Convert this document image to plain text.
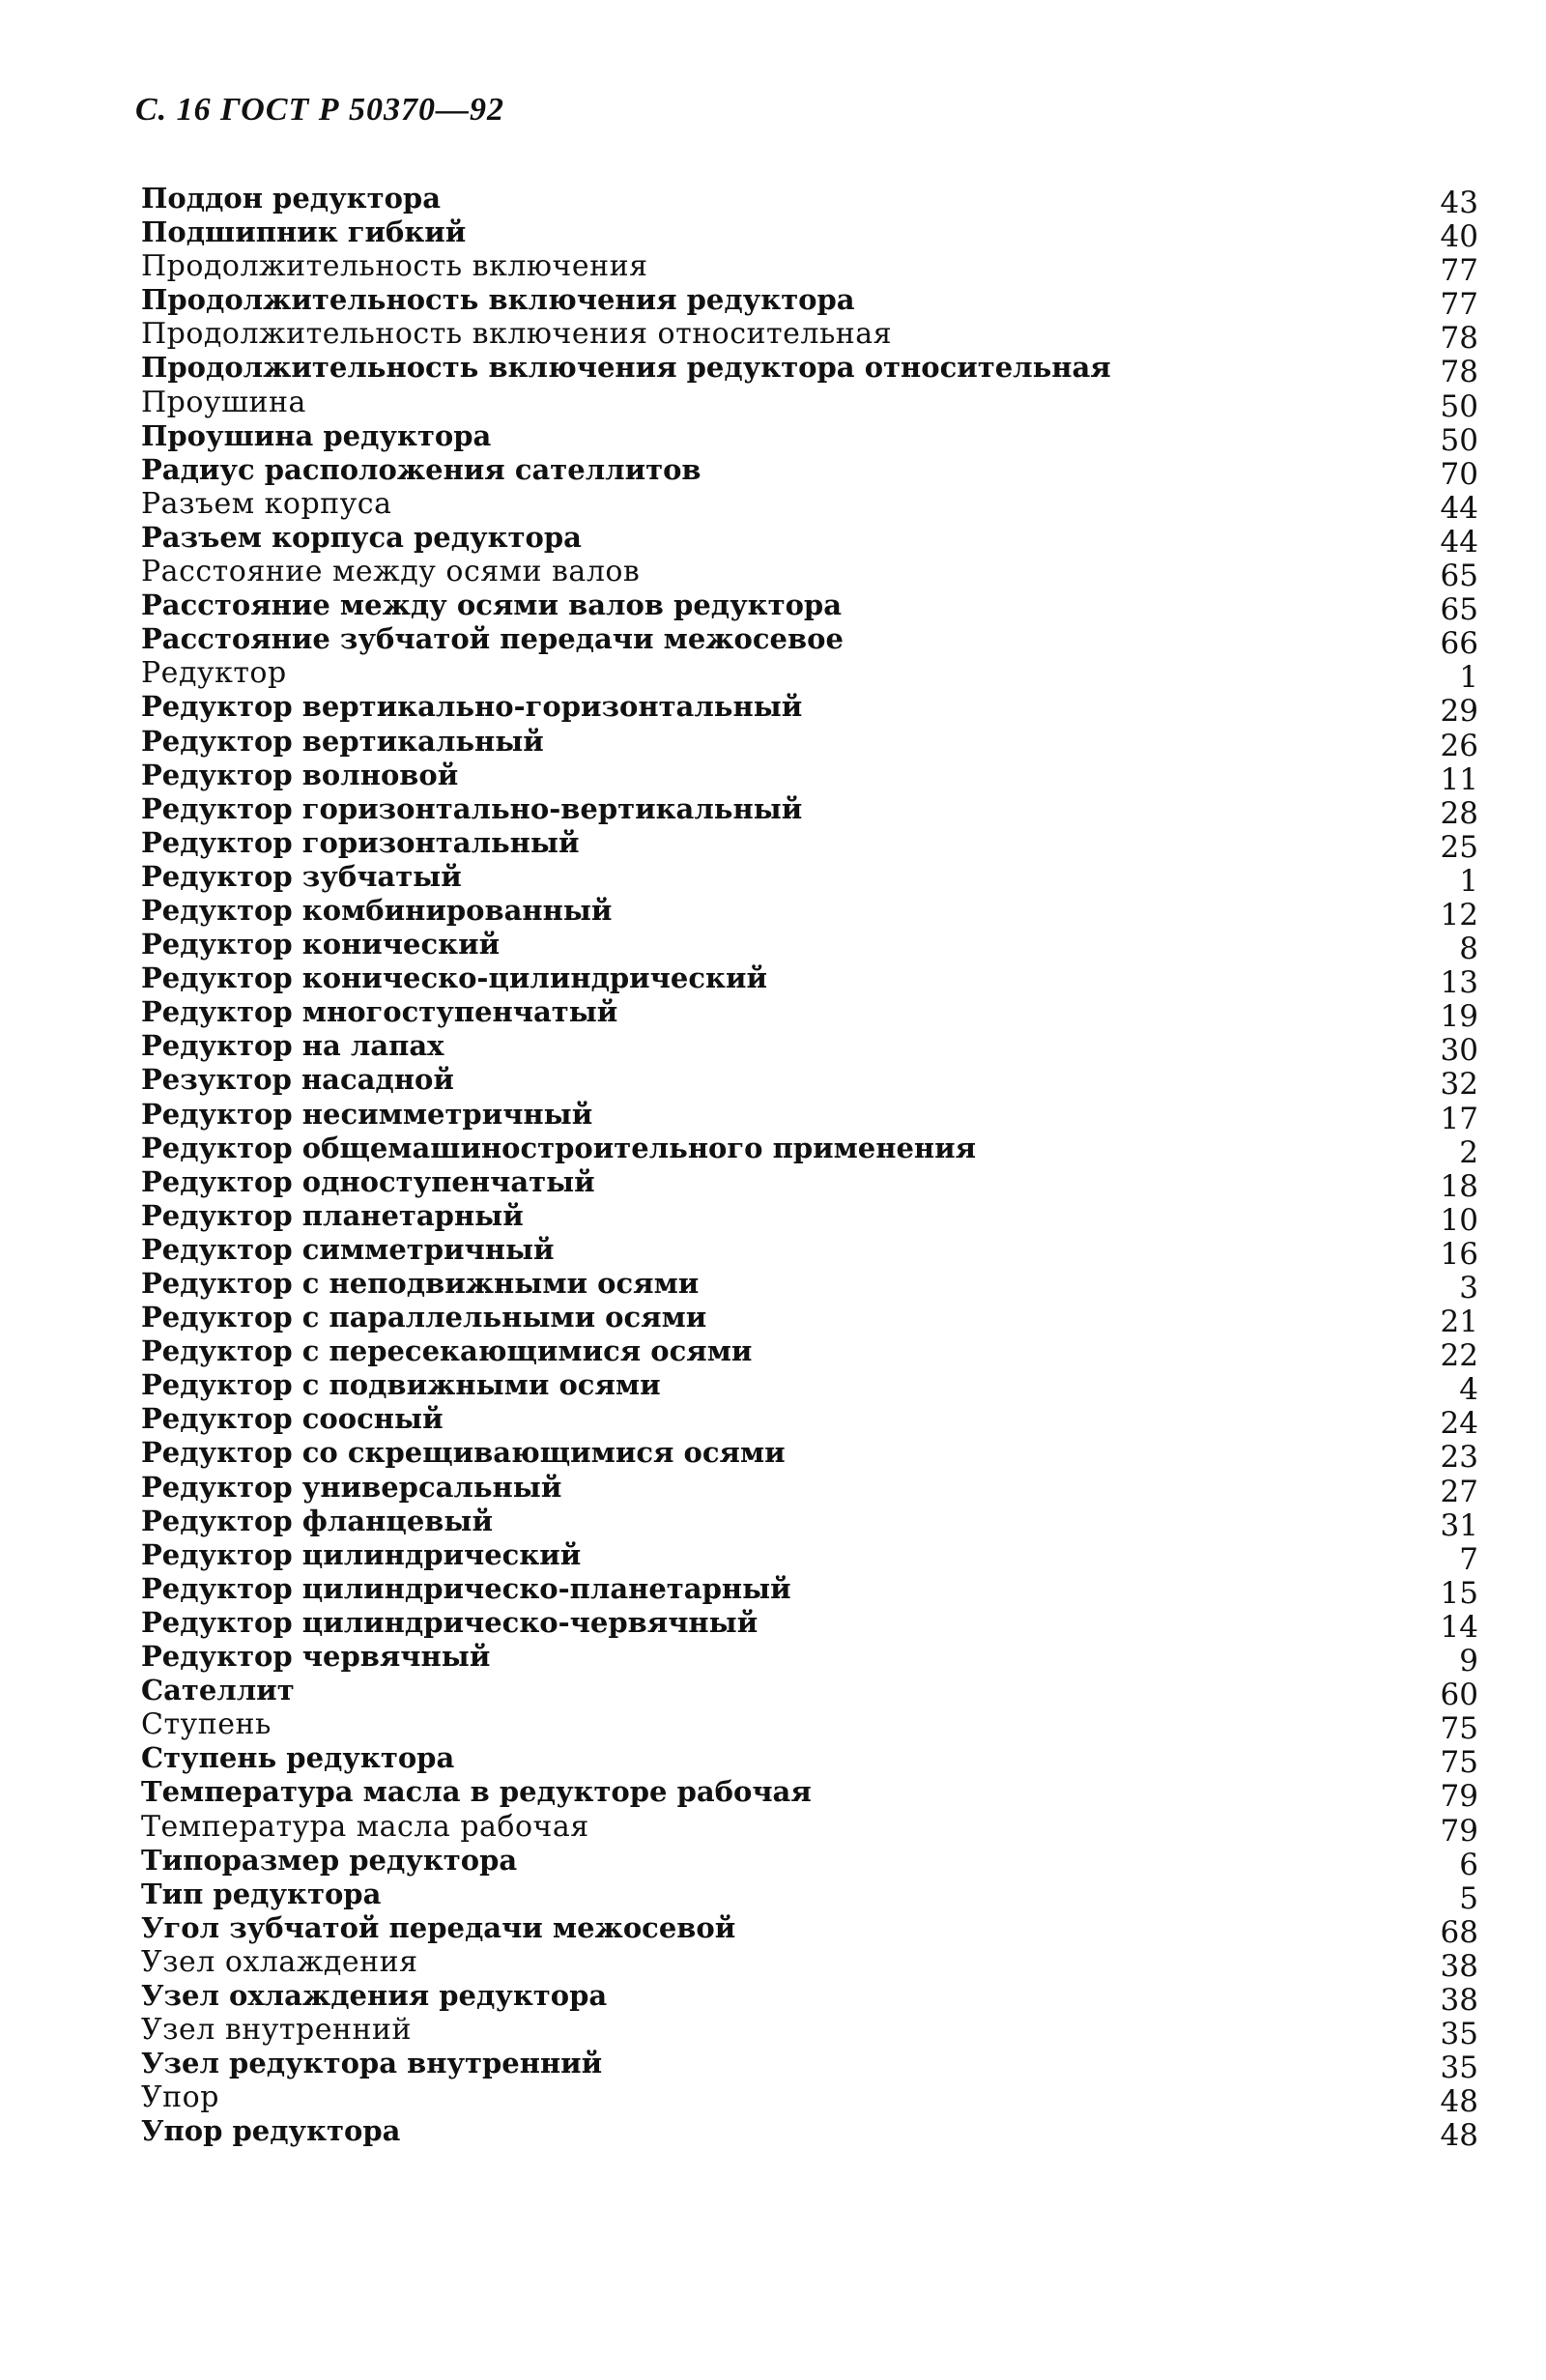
С. 16 ГОСТ Р 50370—92
Поддон редуктора	43
Подшипник гибкий	40
Продолжительность включения	77
Продолжительность включения редуктора	77
Продолжительность включения относительная	78
Продолжительность включения редуктора относительная	78
Проушина	50
Проушина редуктора	50
Радиус расположения сателлитов	70
Разъем корпуса	44
Разъем корпуса редуктора	44
Расстояние между осями валов	65
Расстояние между осями валов редуктора	65
Расстояние зубчатой передачи межосевое	66
Редуктор	1
Редуктор вертикально-горизонтальный	29
Редуктор вертикальный	26
Редуктор волновой	11
Редуктор горизонтально-вертикальный	28
Редуктор горизонтальный	25
Редуктор зубчатый	1
Редуктор комбинированный	12
Редуктор конический	8
Редуктор коническо-цилиндрический	13
Редуктор многоступенчатый	19
Редуктор на лапах	30
Резуктор насадной	32
Редуктор несимметричный	17
Редуктор общемашиностроительного применения	2
Редуктор одноступенчатый	18
Редуктор планетарный	10
Редуктор симметричный	16
Редуктор с неподвижными осями	3
Редуктор с параллельными осями	21
Редуктор с пересекающимися осями	22
Редуктор с подвижными осями	4
Редуктор соосный	24
Редуктор со скрещивающимися осями	23
Редуктор универсальный	27
Редуктор фланцевый	31
Редуктор цилиндрический	7
Редуктор цилиндрическо-планетарный	15
Редуктор цилиндрическо-червячный	14
Редуктор червячный	9
Сателлит	60
Ступень	75
Ступень редуктора	75
Температура масла в редукторе рабочая	79
Температура масла рабочая	79
Типоразмер редуктора	6
Тип редуктора	5
Угол зубчатой передачи межосевой	68
Узел охлаждения	38
Узел охлаждения редуктора	38
Узел внутренний	35
Узел редуктора внутренний	35
Упор	48
Упор редуктора	48
